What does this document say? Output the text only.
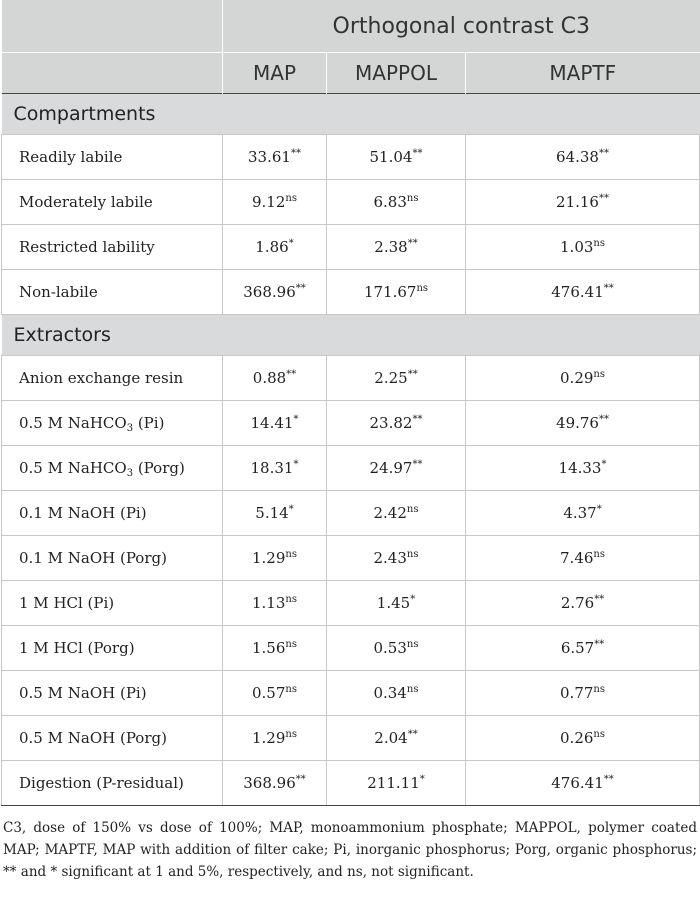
	Orthogonal contrast C3		
	MAP	MAPPOL	MAPTF
Compartments			
Readily labile	33.61**	51.04**	64.38**
Moderately labile	$9.12^{ns}$	$6.83^{ns}$	21.16**
Restricted lability	1.86*	2.38**	$1.03^{ns}$
Non-labile	368.96**	$171.67^{ns}$	476.41**
Extractors			
Anion exchange resin	0.88**	2.25**	$0.29^{ns}$
0.5 M NaHCO$_3$ (Pi)	14.41*	23.82**	49.76**
0.5 M NaHCO$_3$ (Porg)	18.31*	24.97**	14.33*
0.1 M NaOH (Pi)	5.14*	$2.42^{ns}$	4.37*
0.1 M NaOH (Porg)	$1.29^{ns}$	$2.43^{ns}$	$7.46^{ns}$
1 M HCl (Pi)	$1.13^{ns}$	1.45*	2.76**
1 M HCl (Porg)	$1.56^{ns}$	$0.53^{ns}$	6.57**
0.5 M NaOH (Pi)	$0.57^{ns}$	$0.34^{ns}$	$0.77^{ns}$
0.5 M NaOH (Porg)	$1.29^{ns}$	2.04**	$0.26^{ns}$
Digestion (P-residual)	368.96**	211.11*	476.41**
C3, dose of 150% vs dose of 100%; MAP, monoammonium phosphate; MAPPOL, polymer coated MAP; MAPTF, MAP with addition of filter cake; Pi, inorganic phosphorus; Porg, organic phosphorus; ** and * significant at 1 and 5%, respectively, and ns, not significant.
